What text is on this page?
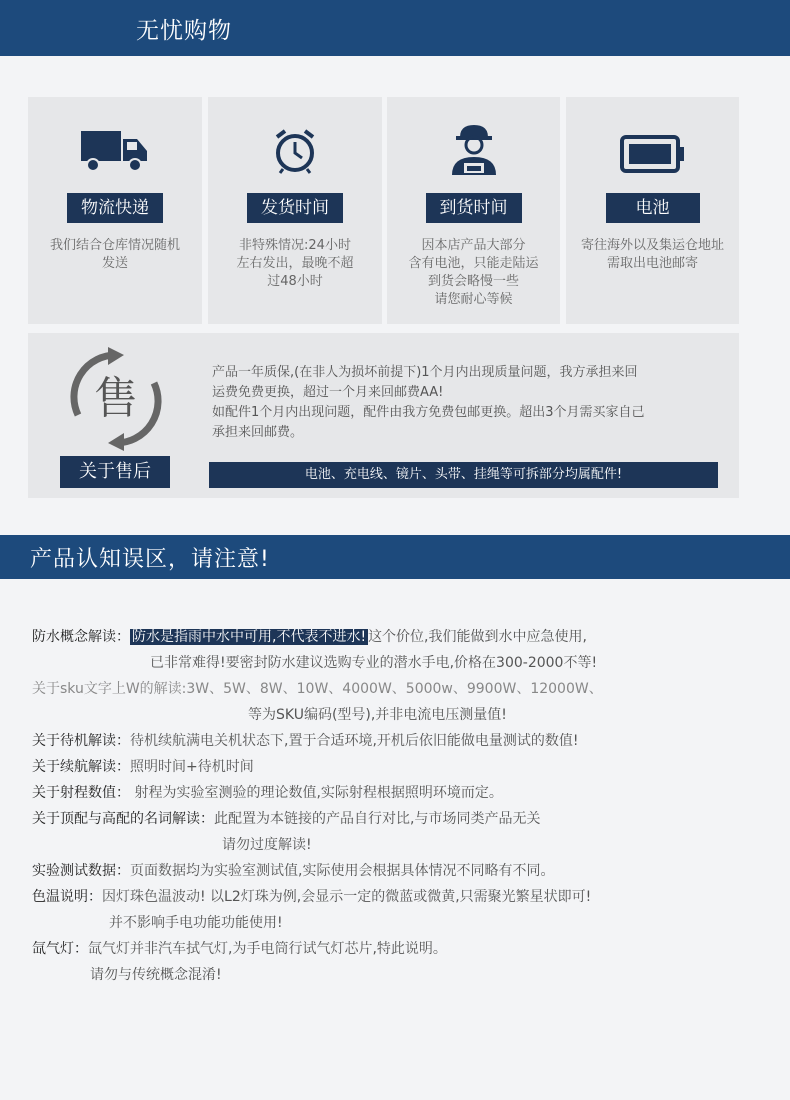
无忧购物
物流快递
我们结合仓库情况随机
发送
发货时间
非特殊情况:24小时
左右发出，最晚不超
过48小时
到货时间
因本店产品大部分
含有电池，只能走陆运
到货会略慢一些
请您耐心等候
电池
寄往海外以及集运仓地址
需取出电池邮寄
售
关于售后

产品一年质保,(在非人为损坏前提下)1个月内出现质量问题，我方承担来回

运费免费更换，超过一个月来回邮费AA!

如配件1个月内出现问题，配件由我方免费包邮更换。超出3个月需买家自己

承担来回邮费。

电池、充电线、镜片、头带、挂绳等可拆部分均属配件!
产品认知误区，请注意!
防水概念解读： 防水是指雨中水中可用,不代表不进水! 这个价位,我们能做到水中应急使用,
已非常难得!要密封防水建议选购专业的潜水手电,价格在300-2000不等!
关于sku文字上W的解读:3W、5W、8W、10W、4000W、5000w、9900W、12000W、
等为SKU编码(型号),并非电流电压测量值!
关于待机解读：待机续航满电关机状态下,置于合适环境,开机后依旧能做电量测试的数值!
关于续航解读：照明时间+待机时间
关于射程数值： 射程为实验室测验的理论数值,实际射程根据照明环境而定。
关于顶配与高配的名词解读：此配置为本链接的产品自行对比,与市场同类产品无关
请勿过度解读!
实验测试数据：页面数据均为实验室测试值,实际使用会根据具体情况不同略有不同。
色温说明：因灯珠色温波动! 以L2灯珠为例,会显示一定的微蓝或微黄,只需聚光繁星状即可!
并不影响手电功能功能使用!
氙气灯：氙气灯并非汽车拭气灯,为手电筒行试气灯芯片,特此说明。
请勿与传统概念混淆!
